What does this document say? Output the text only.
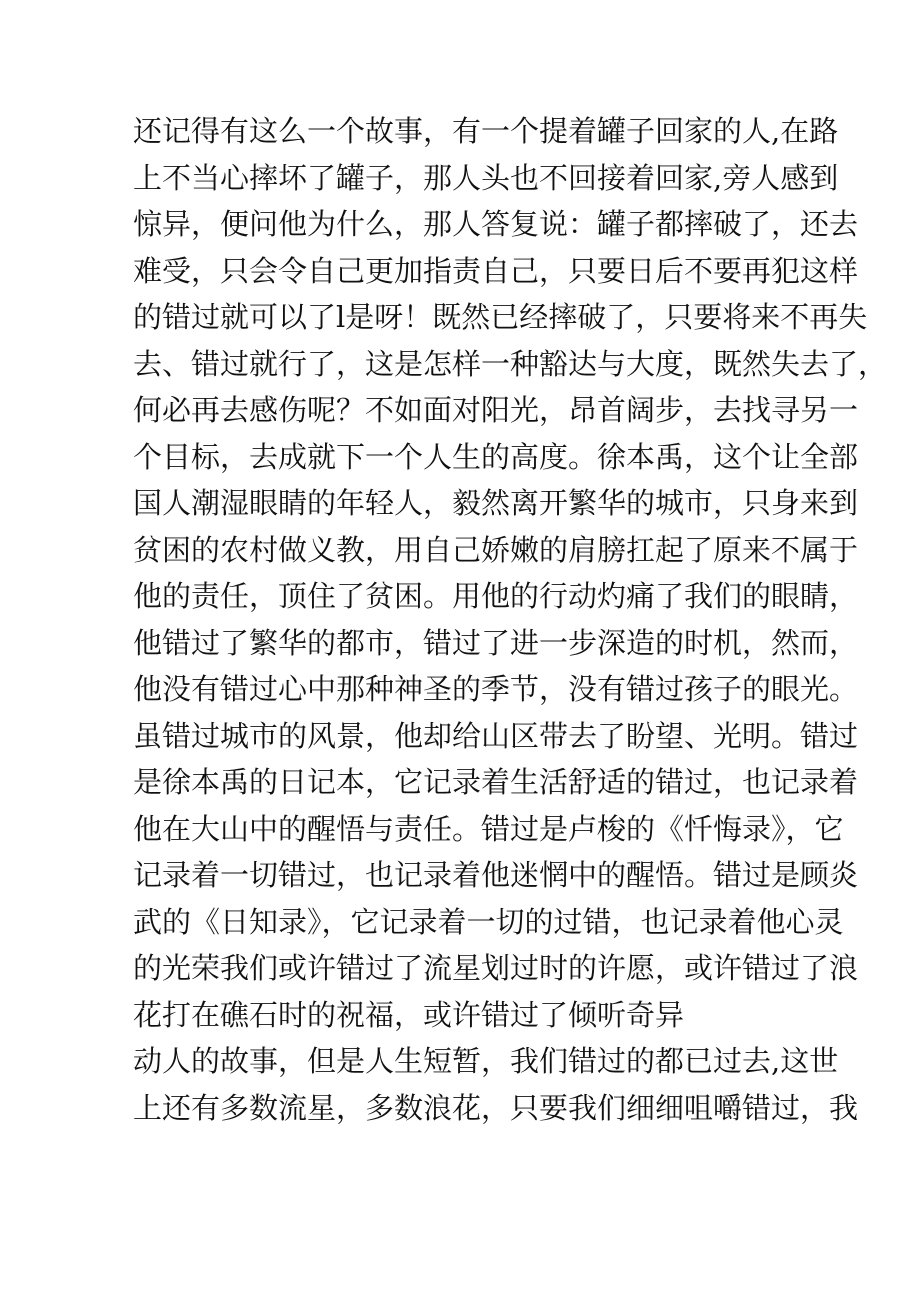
还记得有这么一个故事，有一个提着罐子回家的人,在路
上不当心摔坏了罐子，那人头也不回接着回家,旁人感到
惊异，便问他为什么，那人答复说：罐子都摔破了，还去
难受，只会令自己更加指责自己，只要日后不要再犯这样
的错过就可以了l是呀！既然已经摔破了，只要将来不再失
去、错过就行了，这是怎样一种豁达与大度，既然失去了，
何必再去感伤呢？不如面对阳光，昂首阔步，去找寻另一
个目标，去成就下一个人生的高度。徐本禹，这个让全部
国人潮湿眼睛的年轻人，毅然离开繁华的城市，只身来到
贫困的农村做义教，用自己娇嫩的肩膀扛起了原来不属于
他的责任，顶住了贫困。用他的行动灼痛了我们的眼睛，
他错过了繁华的都市，错过了进一步深造的时机，然而，
他没有错过心中那种神圣的季节，没有错过孩子的眼光。
虽错过城市的风景，他却给山区带去了盼望、光明。错过
是徐本禹的日记本，它记录着生活舒适的错过，也记录着
他在大山中的醒悟与责任。错过是卢梭的《忏悔录》，它
记录着一切错过，也记录着他迷惘中的醒悟。错过是顾炎
武的《日知录》，它记录着一切的过错，也记录着他心灵
的光荣我们或许错过了流星划过时的许愿，或许错过了浪
花打在礁石时的祝福，或许错过了倾听奇异
动人的故事，但是人生短暂，我们错过的都已过去,这世
上还有多数流星，多数浪花，只要我们细细咀嚼错过，我
